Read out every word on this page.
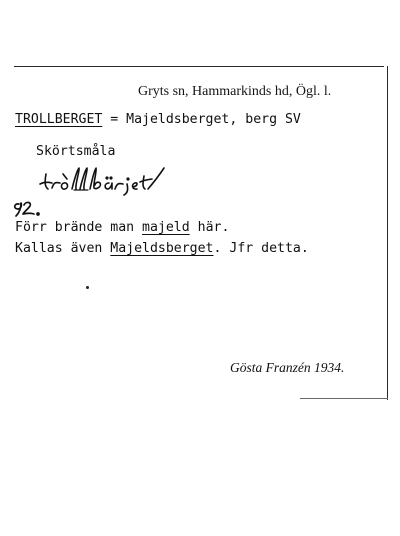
Gryts sn, Hammarkinds hd, Ögl. l.
TROLLBERGET = Majeldsberget, berg SV
Skörtsmåla
Förr brände man majeld här.
Kallas även Majeldsberget. Jfr detta.
Gösta Franzén 1934.
